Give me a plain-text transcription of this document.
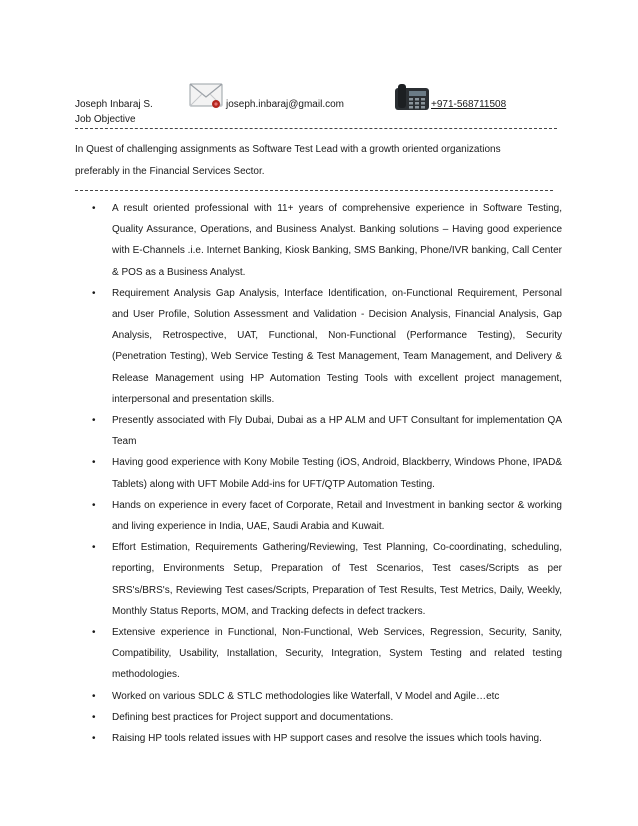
Joseph Inbaraj S.	joseph.inbaraj@gmail.com	+971-568711508
Job Objective
In Quest of challenging assignments as Software Test Lead with a growth oriented organizations preferably in the Financial Services Sector.
• A result oriented professional with 11+ years of comprehensive experience in Software Testing, Quality Assurance, Operations, and Business Analyst. Banking solutions – Having good experience with E-Channels .i.e. Internet Banking, Kiosk Banking, SMS Banking, Phone/IVR banking, Call Center & POS as a Business Analyst.
• Requirement Analysis Gap Analysis, Interface Identification, on-Functional Requirement, Personal and User Profile, Solution Assessment and Validation - Decision Analysis, Financial Analysis, Gap Analysis, Retrospective, UAT, Functional, Non-Functional (Performance Testing), Security (Penetration Testing), Web Service Testing & Test Management, Team Management, and Delivery & Release Management using HP Automation Testing Tools with excellent project management, interpersonal and presentation skills.
• Presently associated with Fly Dubai, Dubai as a HP ALM and UFT Consultant for implementation QA Team
• Having good experience with Kony Mobile Testing (iOS, Android, Blackberry, Windows Phone, IPAD& Tablets) along with UFT Mobile Add-ins for UFT/QTP Automation Testing.
• Hands on experience in every facet of Corporate, Retail and Investment in banking sector & working and living experience in India, UAE, Saudi Arabia and Kuwait.
• Effort Estimation, Requirements Gathering/Reviewing, Test Planning, Co-coordinating, scheduling, reporting, Environments Setup, Preparation of Test Scenarios, Test cases/Scripts as per SRS's/BRS's, Reviewing Test cases/Scripts, Preparation of Test Results, Test Metrics, Daily, Weekly, Monthly Status Reports, MOM, and Tracking defects in defect trackers.
• Extensive experience in Functional, Non-Functional, Web Services, Regression, Security, Sanity, Compatibility, Usability, Installation, Security, Integration, System Testing and related testing methodologies.
• Worked on various SDLC & STLC methodologies like Waterfall, V Model and Agile…etc
• Defining best practices for Project support and documentations.
• Raising HP tools related issues with HP support cases and resolve the issues which tools having.
